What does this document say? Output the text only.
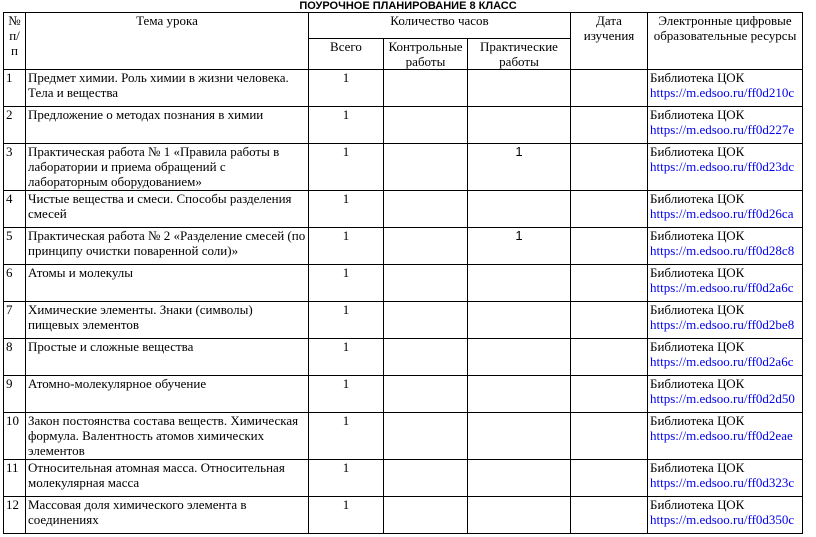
ПОУРОЧНОЕ ПЛАНИРОВАНИЕ 8 КЛАСС
№ п/п	Тема урока	Количество часов			Дата изучения	Электронные цифровые образовательные ресурсы
		Всего	Контрольные работы	Практические работы		
1	Предмет химии. Роль химии в жизни человека. Тела и вещества	1				Библиотека ЦОК
https://m.edsoo.ru/ff0d210c

2	Предложение о методах познания в химии	1				Библиотека ЦОК
https://m.edsoo.ru/ff0d227e

3	Практическая работа № 1 «Правила работы в лаборатории и приема обращений с лабораторным оборудованием»	1		1		Библиотека ЦОК
https://m.edsoo.ru/ff0d23dc

4	Чистые вещества и смеси. Способы разделения смесей	1				Библиотека ЦОК
https://m.edsoo.ru/ff0d26ca

5	Практическая работа № 2 «Разделение смесей (по принципу очистки поваренной соли)»	1		1		Библиотека ЦОК
https://m.edsoo.ru/ff0d28c8

6	Атомы и молекулы	1				Библиотека ЦОК
https://m.edsoo.ru/ff0d2a6c

7	Химические элементы. Знаки (символы) пищевых элементов	1				Библиотека ЦОК
https://m.edsoo.ru/ff0d2be8

8	Простые и сложные вещества	1				Библиотека ЦОК
https://m.edsoo.ru/ff0d2a6c

9	Атомно-молекулярное обучение	1				Библиотека ЦОК
https://m.edsoo.ru/ff0d2d50

10	Закон постоянства состава веществ. Химическая формула. Валентность атомов химических элементов	1				Библиотека ЦОК
https://m.edsoo.ru/ff0d2eae

11	Относительная атомная масса. Относительная молекулярная масса	1				Библиотека ЦОК
https://m.edsoo.ru/ff0d323c

12	Массовая доля химического элемента в соединениях	1				Библиотека ЦОК
https://m.edsoo.ru/ff0d350c
